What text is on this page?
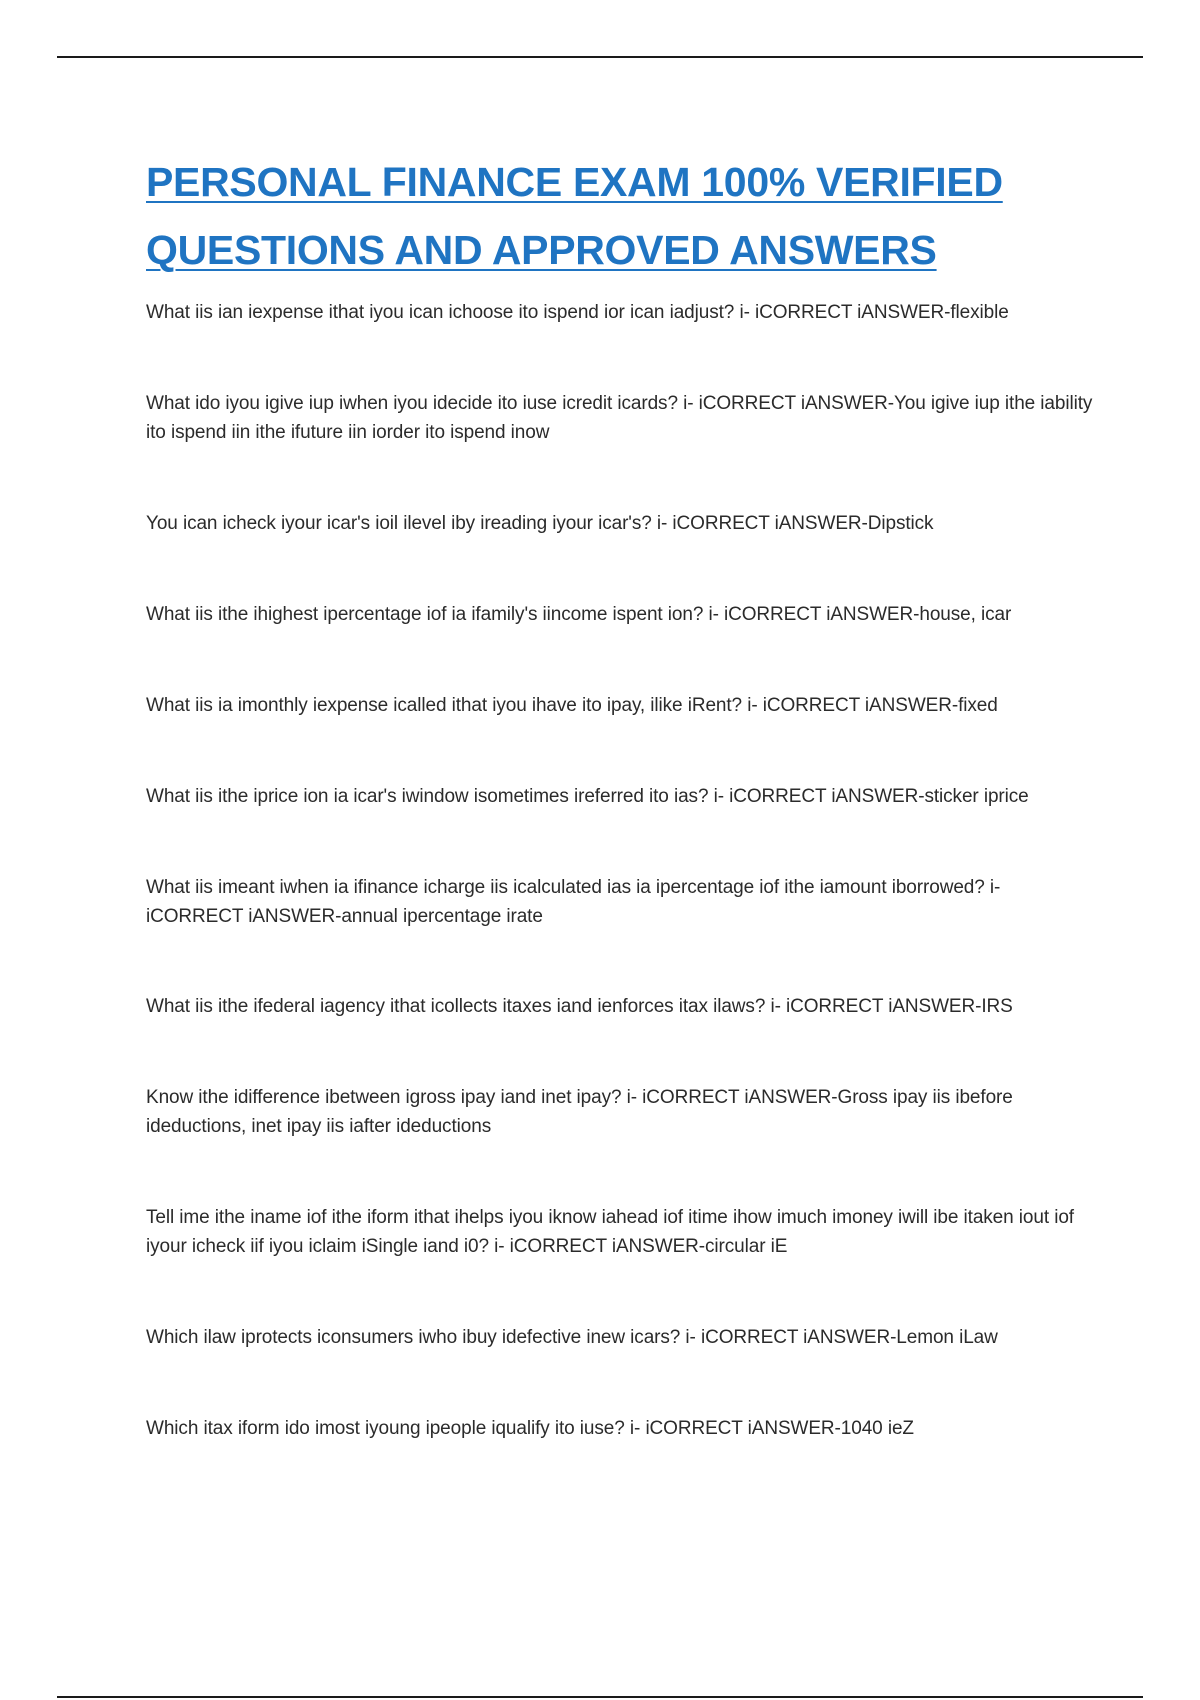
PERSONAL FINANCE EXAM 100% VERIFIED
QUESTIONS AND APPROVED ANSWERS
What iis ian iexpense ithat iyou ican ichoose ito ispend ior ican iadjust? i- iCORRECT iANSWER-flexible
What ido iyou igive iup iwhen iyou idecide ito iuse icredit icards? i- iCORRECT iANSWER-You igive iup ithe iability ito ispend iin ithe ifuture iin iorder ito ispend inow
You ican icheck iyour icar's ioil ilevel iby ireading iyour icar's? i- iCORRECT iANSWER-Dipstick
What iis ithe ihighest ipercentage iof ia ifamily's iincome ispent ion? i- iCORRECT iANSWER-house, icar
What iis ia imonthly iexpense icalled ithat iyou ihave ito ipay, ilike iRent? i- iCORRECT iANSWER-fixed
What iis ithe iprice ion ia icar's iwindow isometimes ireferred ito ias? i- iCORRECT iANSWER-sticker iprice
What iis imeant iwhen ia ifinance icharge iis icalculated ias ia ipercentage iof ithe iamount iborrowed? i- iCORRECT iANSWER-annual ipercentage irate
What iis ithe ifederal iagency ithat icollects itaxes iand ienforces itax ilaws? i- iCORRECT iANSWER-IRS
Know ithe idifference ibetween igross ipay iand inet ipay? i- iCORRECT iANSWER-Gross ipay iis ibefore ideductions, inet ipay iis iafter ideductions
Tell ime ithe iname iof ithe iform ithat ihelps iyou iknow iahead iof itime ihow imuch imoney iwill ibe itaken iout iof iyour icheck iif iyou iclaim iSingle iand i0? i- iCORRECT iANSWER-circular iE
Which ilaw iprotects iconsumers iwho ibuy idefective inew icars? i- iCORRECT iANSWER-Lemon iLaw
Which itax iform ido imost iyoung ipeople iqualify ito iuse? i- iCORRECT iANSWER-1040 ieZ
